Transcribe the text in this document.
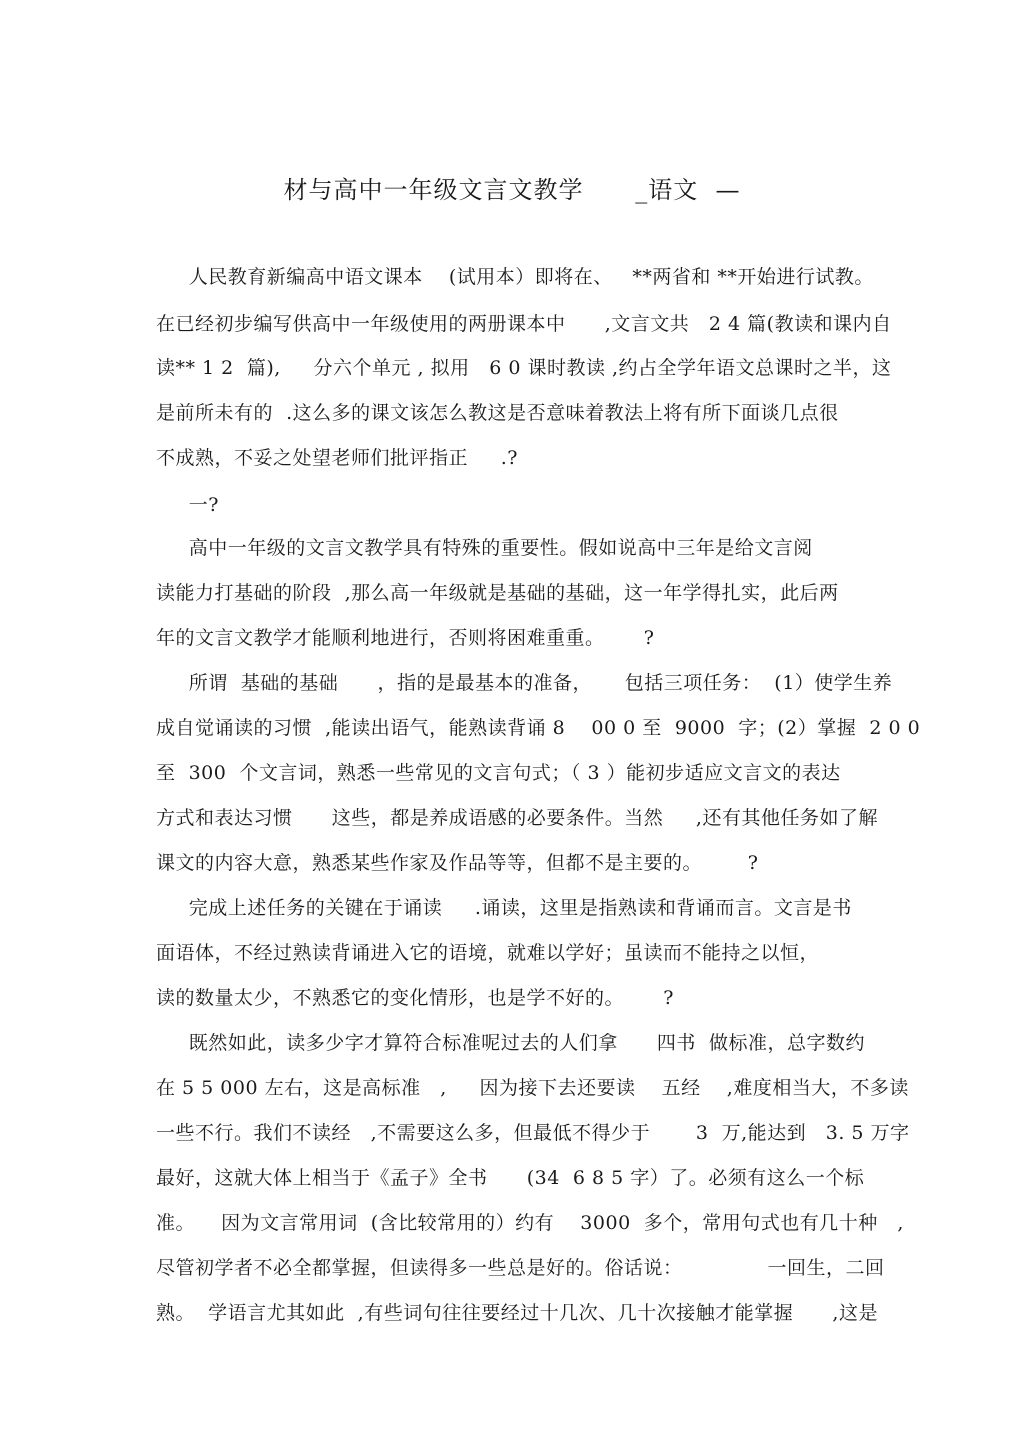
材与高中一年级文言文教学      _语文  —
人民教育新编高中语文课本    (试用本）即将在、   **两省和 **开始进行试教。
在已经初步编写供高中一年级使用的两册课本中      ,文言文共   2 4 篇(教读和课内自
读** 1 2  篇),     分六个单元 , 拟用   6 0 课时教读 ,约占全学年语文总课时之半，这
是前所未有的  .这么多的课文该怎么教这是否意味着教法上将有所下面谈几点很
不成熟，不妥之处望老师们批评指正     .?
一?
高中一年级的文言文教学具有特殊的重要性。假如说高中三年是给文言阅
读能力打基础的阶段  ,那么高一年级就是基础的基础，这一年学得扎实，此后两
年的文言文教学才能顺利地进行，否则将困难重重。      ?
所谓  基础的基础      ，指的是最基本的准备，     包括三项任务：  (1）使学生养
成自觉诵读的习惯  ,能读出语气，能熟读背诵 8    00 0 至  9000  字；(2）掌握  2 0 0
至  300  个文言词，熟悉一些常见的文言句式；（ 3 ）能初步适应文言文的表达
方式和表达习惯      这些，都是养成语感的必要条件。当然     ,还有其他任务如了解
课文的内容大意，熟悉某些作家及作品等等，但都不是主要的。       ?
完成上述任务的关键在于诵读     .诵读，这里是指熟读和背诵而言。文言是书
面语体，不经过熟读背诵进入它的语境，就难以学好；虽读而不能持之以恒，
读的数量太少，不熟悉它的变化情形，也是学不好的。      ?
既然如此，读多少字才算符合标准呢过去的人们拿      四书  做标准，总字数约
在 5 5 000 左右，这是高标准   ,     因为接下去还要读    五经    ,难度相当大，不多读
一些不行。我们不读经   ,不需要这么多，但最低不得少于       3  万,能达到   3. 5 万字
最好，这就大体上相当于《孟子》全书      (34  6 8 5 字）了。必须有这么一个标
准。    因为文言常用词  (含比较常用的）约有    3000  多个，常用句式也有几十种   ,
尽管初学者不必全都掌握，但读得多一些总是好的。俗话说：             一回生，二回
熟。  学语言尤其如此  ,有些词句往往要经过十几次、几十次接触才能掌握      ,这是
